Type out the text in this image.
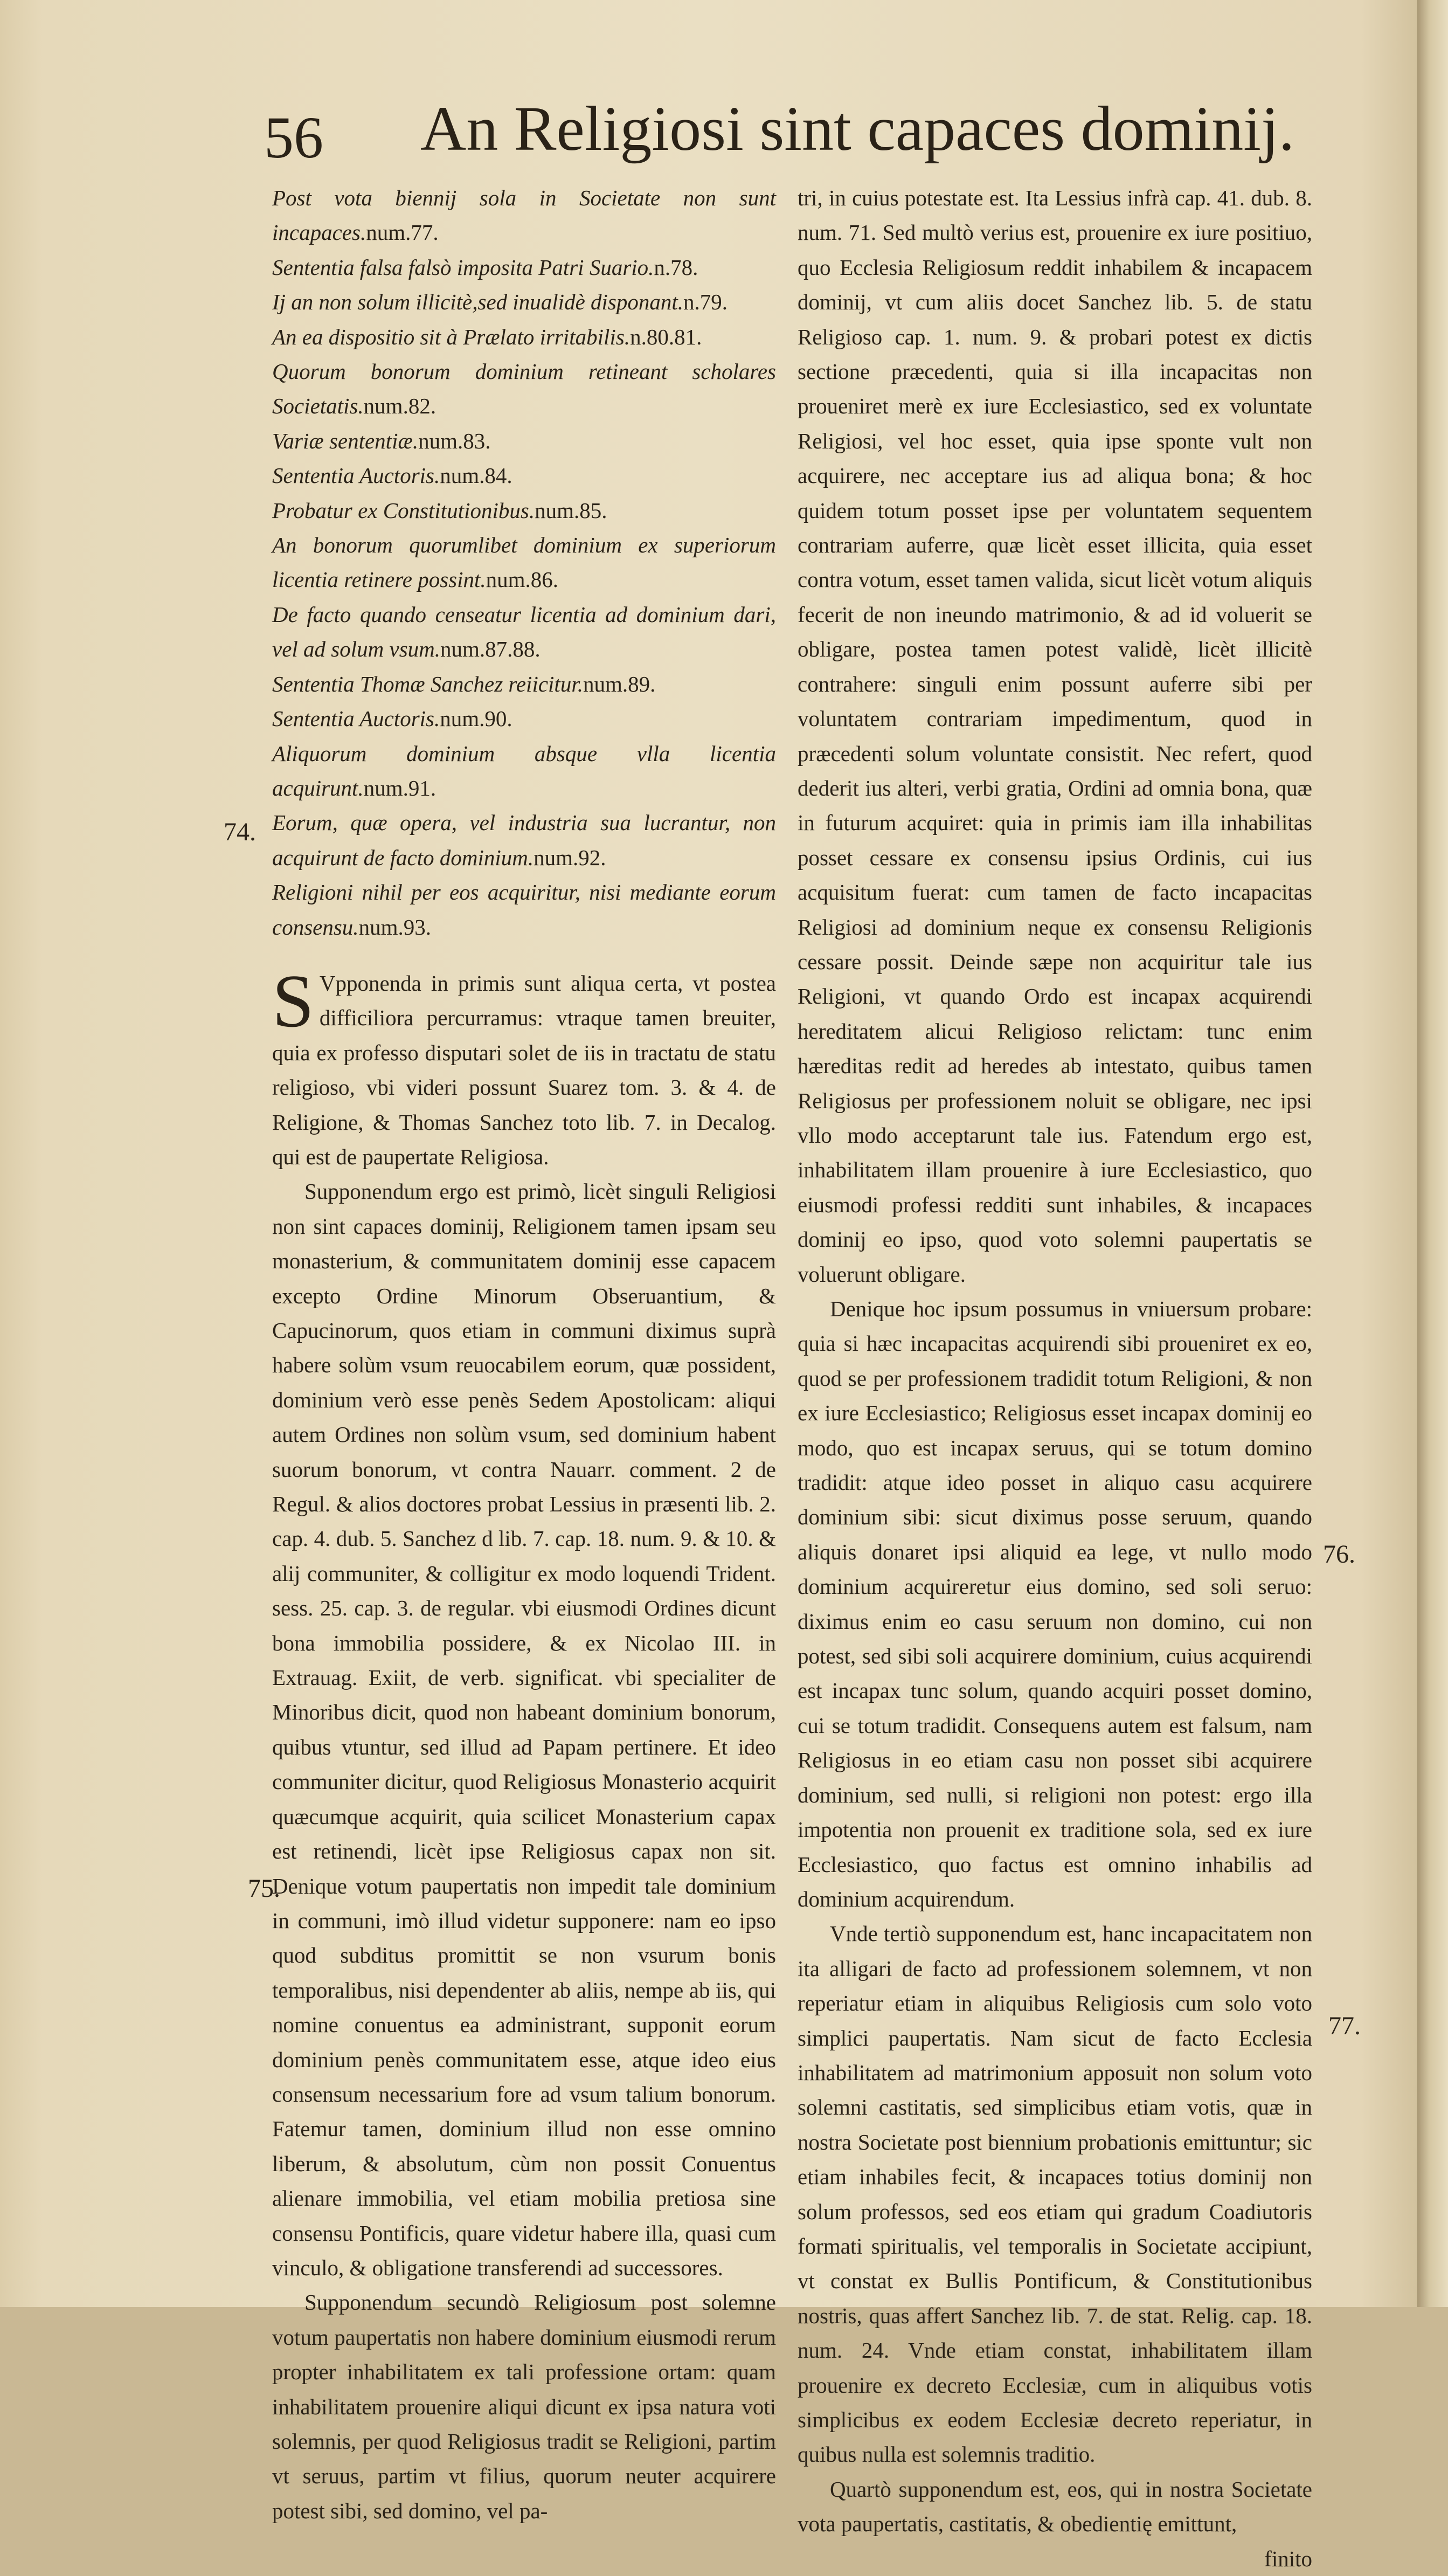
56 An Religiosi sint capaces dominij.

Post vota biennij sola in Societate non sunt incapaces.num.77.

Sententia falsa falsò imposita Patri Suario.n.78.

Ij an non solum illicitè,sed inualidè disponant.n.79.

An ea dispositio sit à Prælato irritabilis.n.80.81.

Quorum bonorum dominium retineant scholares Societatis.num.82.

Variæ sententiæ.num.83.

Sententia Auctoris.num.84.

Probatur ex Constitutionibus.num.85.

An bonorum quorumlibet dominium ex superiorum licentia retinere possint.num.86.

De facto quando censeatur licentia ad dominium dari, vel ad solum vsum.num.87.88.

Sententia Thomæ Sanchez reiicitur.num.89.

Sententia Auctoris.num.90.

Aliquorum dominium absque vlla licentia acquirunt.num.91.

Eorum, quæ opera, vel industria sua lucrantur, non acquirunt de facto dominium.num.92.

Religioni nihil per eos acquiritur, nisi mediante eorum consensu.num.93.

S Vpponenda in primis sunt aliqua certa, vt postea difficiliora percurramus: vtraque tamen breuiter, quia ex professo disputari solet de iis in tractatu de statu religioso, vbi videri possunt Suarez tom. 3. & 4. de Religione, & Thomas Sanchez toto lib. 7. in Decalog. qui est de paupertate Religiosa.

Supponendum ergo est primò, licèt singuli Religiosi non sint capaces dominij, Religionem tamen ipsam seu monasterium, & communitatem dominij esse capacem excepto Ordine Minorum Obseruantium, & Capucinorum, quos etiam in communi diximus suprà habere solùm vsum reuocabilem eorum, quæ possident, dominium verò esse penès Sedem Apostolicam: aliqui autem Ordines non solùm vsum, sed dominium habent suorum bonorum, vt contra Nauarr. comment. 2 de Regul. & alios doctores probat Lessius in præsenti lib. 2. cap. 4. dub. 5. Sanchez d lib. 7. cap. 18. num. 9. & 10. & alij communiter, & colligitur ex modo loquendi Trident. sess. 25. cap. 3. de regular. vbi eiusmodi Ordines dicunt bona immobilia possidere, & ex Nicolao III. in Extrauag. Exiit, de verb. significat. vbi specialiter de Minoribus dicit, quod non habeant dominium bonorum, quibus vtuntur, sed illud ad Papam pertinere. Et ideo communiter dicitur, quod Religiosus Monasterio acquirit quæcumque acquirit, quia scilicet Monasterium capax est retinendi, licèt ipse Religiosus capax non sit. Denique votum paupertatis non impedit tale dominium in communi, imò illud videtur supponere: nam eo ipso quod subditus promittit se non vsurum bonis temporalibus, nisi dependenter ab aliis, nempe ab iis, qui nomine conuentus ea administrant, supponit eorum dominium penès communitatem esse, atque ideo eius consensum necessarium fore ad vsum talium bonorum. Fatemur tamen, dominium illud non esse omnino liberum, & absolutum, cùm non possit Conuentus alienare immobilia, vel etiam mobilia pretiosa sine consensu Pontificis, quare videtur habere illa, quasi cum vinculo, & obligatione transferendi ad successores.

Supponendum secundò Religiosum post solemne votum paupertatis non habere dominium eiusmodi rerum propter inhabilitatem ex tali professione ortam: quam inhabilitatem prouenire aliqui dicunt ex ipsa natura voti solemnis, per quod Religiosus tradit se Religioni, partim vt seruus, partim vt filius, quorum neuter acquirere potest sibi, sed domino, vel pa-

tri, in cuius potestate est. Ita Lessius infrà cap. 41. dub. 8. num. 71. Sed multò verius est, prouenire ex iure positiuo, quo Ecclesia Religiosum reddit inhabilem & incapacem dominij, vt cum aliis docet Sanchez lib. 5. de statu Religioso cap. 1. num. 9. & probari potest ex dictis sectione præcedenti, quia si illa incapacitas non proueniret merè ex iure Ecclesiastico, sed ex voluntate Religiosi, vel hoc esset, quia ipse sponte vult non acquirere, nec acceptare ius ad aliqua bona; & hoc quidem totum posset ipse per voluntatem sequentem contrariam auferre, quæ licèt esset illicita, quia esset contra votum, esset tamen valida, sicut licèt votum aliquis fecerit de non ineundo matrimonio, & ad id voluerit se obligare, postea tamen potest validè, licèt illicitè contrahere: singuli enim possunt auferre sibi per voluntatem contrariam impedimentum, quod in præcedenti solum voluntate consistit. Nec refert, quod dederit ius alteri, verbi gratia, Ordini ad omnia bona, quæ in futurum acquiret: quia in primis iam illa inhabilitas posset cessare ex consensu ipsius Ordinis, cui ius acquisitum fuerat: cum tamen de facto incapacitas Religiosi ad dominium neque ex consensu Religionis cessare possit. Deinde sæpe non acquiritur tale ius Religioni, vt quando Ordo est incapax acquirendi hereditatem alicui Religioso relictam: tunc enim hæreditas redit ad heredes ab intestato, quibus tamen Religiosus per professionem noluit se obligare, nec ipsi vllo modo acceptarunt tale ius. Fatendum ergo est, inhabilitatem illam prouenire à iure Ecclesiastico, quo eiusmodi professi redditi sunt inhabiles, & incapaces dominij eo ipso, quod voto solemni paupertatis se voluerunt obligare.

Denique hoc ipsum possumus in vniuersum probare: quia si hæc incapacitas acquirendi sibi proueniret ex eo, quod se per professionem tradidit totum Religioni, & non ex iure Ecclesiastico; Religiosus esset incapax dominij eo modo, quo est incapax seruus, qui se totum domino tradidit: atque ideo posset in aliquo casu acquirere dominium sibi: sicut diximus posse seruum, quando aliquis donaret ipsi aliquid ea lege, vt nullo modo dominium acquireretur eius domino, sed soli seruo: diximus enim eo casu seruum non domino, cui non potest, sed sibi soli acquirere dominium, cuius acquirendi est incapax tunc solum, quando acquiri posset domino, cui se totum tradidit. Consequens autem est falsum, nam Religiosus in eo etiam casu non posset sibi acquirere dominium, sed nulli, si religioni non potest: ergo illa impotentia non prouenit ex traditione sola, sed ex iure Ecclesiastico, quo factus est omnino inhabilis ad dominium acquirendum.

Vnde tertiò supponendum est, hanc incapacitatem non ita alligari de facto ad professionem solemnem, vt non reperiatur etiam in aliquibus Religiosis cum solo voto simplici paupertatis. Nam sicut de facto Ecclesia inhabilitatem ad matrimonium apposuit non solum voto solemni castitatis, sed simplicibus etiam votis, quæ in nostra Societate post biennium probationis emittuntur; sic etiam inhabiles fecit, & incapaces totius dominij non solum professos, sed eos etiam qui gradum Coadiutoris formati spiritualis, vel temporalis in Societate accipiunt, vt constat ex Bullis Pontificum, & Constitutionibus nostris, quas affert Sanchez lib. 7. de stat. Relig. cap. 18. num. 24. Vnde etiam constat, inhabilitatem illam prouenire ex decreto Ecclesiæ, cum in aliquibus votis simplicibus ex eodem Ecclesiæ decreto reperiatur, in quibus nulla est solemnis traditio.

Quartò supponendum est, eos, qui in nostra Societate vota paupertatis, castitatis, & obedientię emittunt,

finito

74.
75.
76.
77.
